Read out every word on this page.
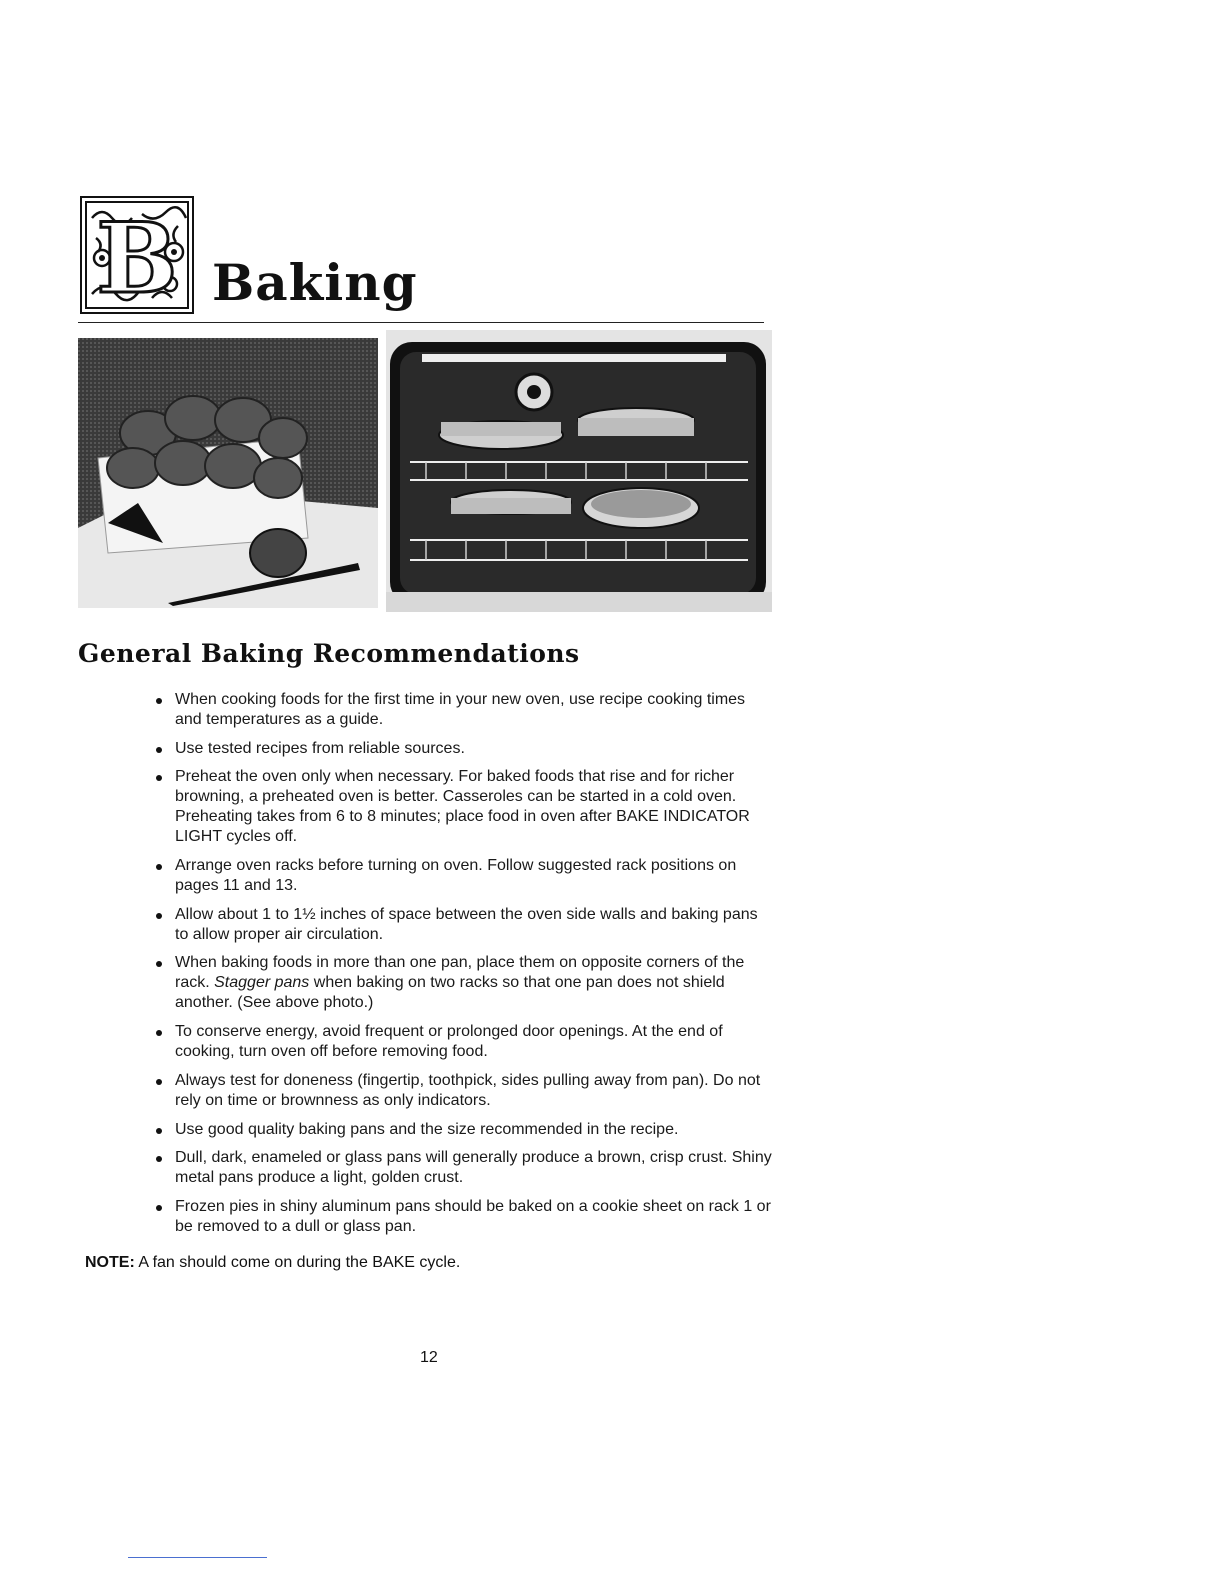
B Baking
General Baking Recommendations
When cooking foods for the first time in your new oven, use recipe cooking times and temperatures as a guide.
Use tested recipes from reliable sources.
Preheat the oven only when necessary. For baked foods that rise and for richer browning, a preheated oven is better. Casseroles can be started in a cold oven. Preheating takes from 6 to 8 minutes; place food in oven after BAKE INDICATOR LIGHT cycles off.
Arrange oven racks before turning on oven. Follow suggested rack positions on pages 11 and 13.
Allow about 1 to 1½ inches of space between the oven side walls and baking pans to allow proper air circulation.
When baking foods in more than one pan, place them on opposite corners of the rack. Stagger pans when baking on two racks so that one pan does not shield another. (See above photo.)
To conserve energy, avoid frequent or prolonged door openings. At the end of cooking, turn oven off before removing food.
Always test for doneness (fingertip, toothpick, sides pulling away from pan). Do not rely on time or brownness as only indicators.
Use good quality baking pans and the size recommended in the recipe.
Dull, dark, enameled or glass pans will generally produce a brown, crisp crust. Shiny metal pans produce a light, golden crust.
Frozen pies in shiny aluminum pans should be baked on a cookie sheet on rack 1 or be removed to a dull or glass pan.

NOTE: A fan should come on during the BAKE cycle.

12
